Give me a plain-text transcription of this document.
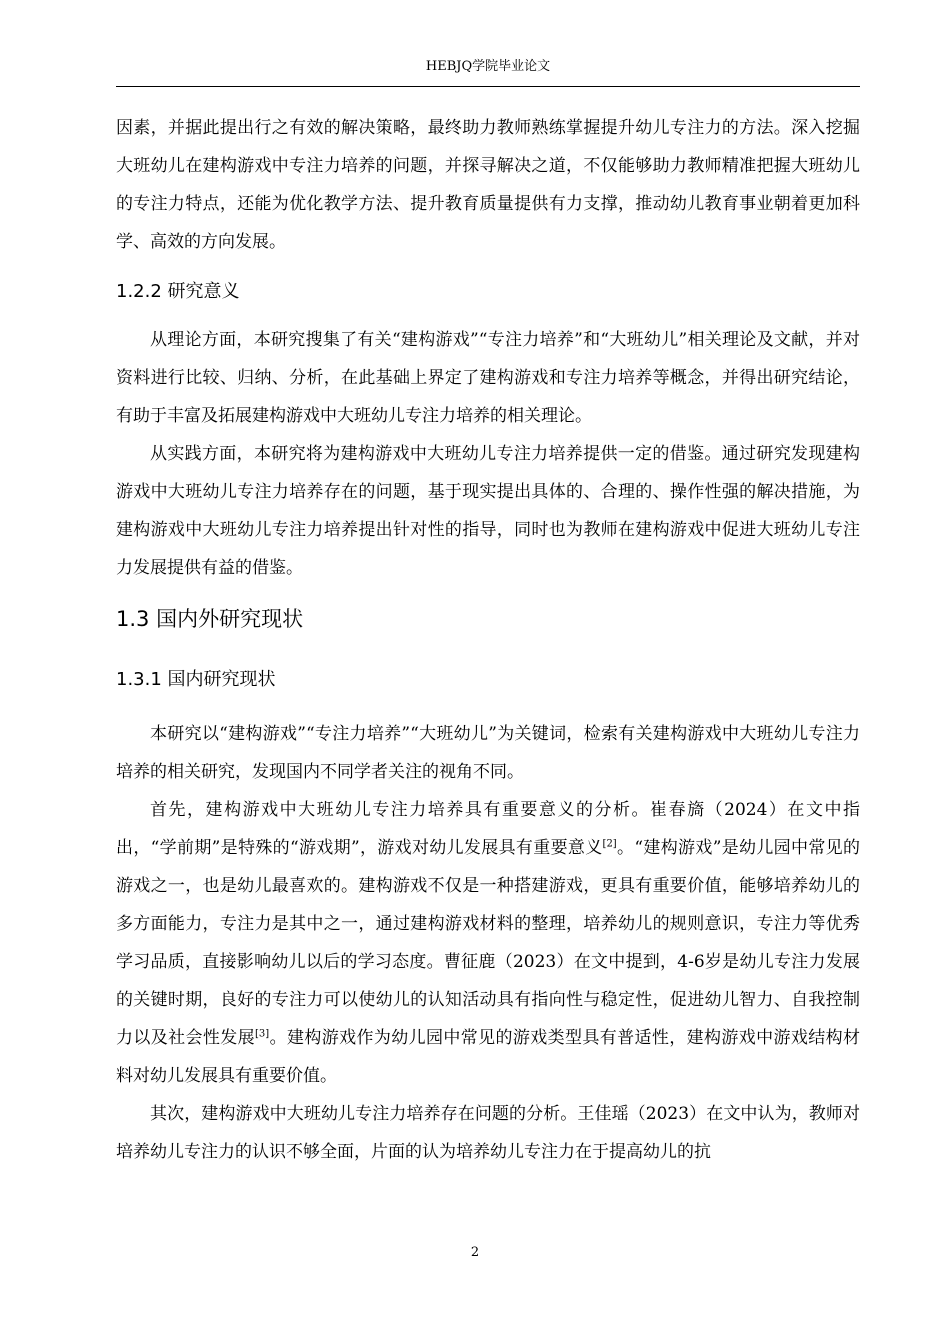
HEBJQ学院毕业论文

因素，并据此提出行之有效的解决策略，最终助力教师熟练掌握提升幼儿专注力的方法。深入挖掘大班幼儿在建构游戏中专注力培养的问题，并探寻解决之道，不仅能够助力教师精准把握大班幼儿的专注力特点，还能为优化教学方法、提升教育质量提供有力支撑，推动幼儿教育事业朝着更加科学、高效的方向发展。

1.2.2 研究意义

从理论方面，本研究搜集了有关“建构游戏”“专注力培养”和“大班幼儿”相关理论及文献，并对资料进行比较、归纳、分析，在此基础上界定了建构游戏和专注力培养等概念，并得出研究结论，有助于丰富及拓展建构游戏中大班幼儿专注力培养的相关理论。

从实践方面，本研究将为建构游戏中大班幼儿专注力培养提供一定的借鉴。通过研究发现建构游戏中大班幼儿专注力培养存在的问题，基于现实提出具体的、合理的、操作性强的解决措施，为建构游戏中大班幼儿专注力培养提出针对性的指导，同时也为教师在建构游戏中促进大班幼儿专注力发展提供有益的借鉴。

1.3 国内外研究现状
1.3.1 国内研究现状

本研究以“建构游戏”“专注力培养”“大班幼儿”为关键词，检索有关建构游戏中大班幼儿专注力培养的相关研究，发现国内不同学者关注的视角不同。

首先，建构游戏中大班幼儿专注力培养具有重要意义的分析。崔春旖（2024）在文中指出，“学前期”是特殊的“游戏期”，游戏对幼儿发展具有重要意义[2]。“建构游戏”是幼儿园中常见的游戏之一，也是幼儿最喜欢的。建构游戏不仅是一种搭建游戏，更具有重要价值，能够培养幼儿的多方面能力，专注力是其中之一，通过建构游戏材料的整理，培养幼儿的规则意识，专注力等优秀学习品质，直接影响幼儿以后的学习态度。曹征鹿（2023）在文中提到，4-6岁是幼儿专注力发展的关键时期，良好的专注力可以使幼儿的认知活动具有指向性与稳定性，促进幼儿智力、自我控制力以及社会性发展[3]。建构游戏作为幼儿园中常见的游戏类型具有普适性，建构游戏中游戏结构材料对幼儿发展具有重要价值。

其次，建构游戏中大班幼儿专注力培养存在问题的分析。王佳瑶（2023）在文中认为，教师对培养幼儿专注力的认识不够全面，片面的认为培养幼儿专注力在于提高幼儿的抗

2
